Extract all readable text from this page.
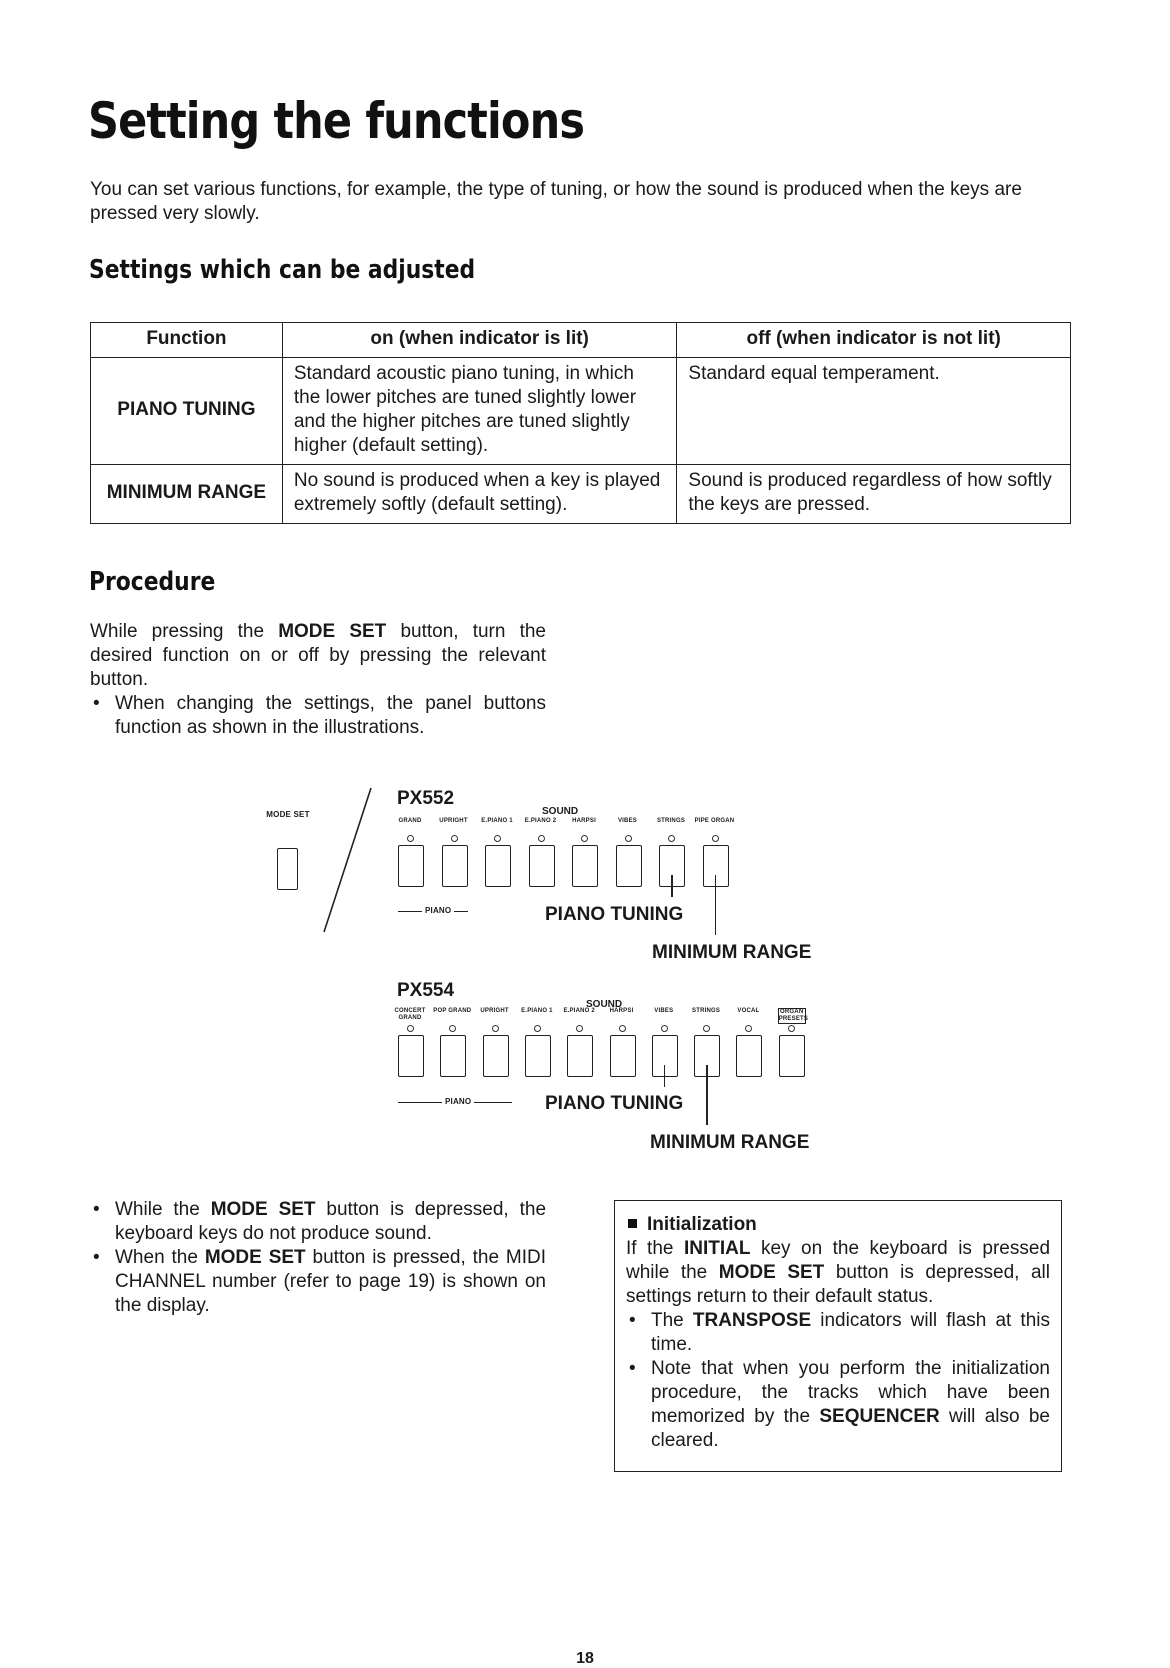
Setting the functions
You can set various functions, for example, the type of tuning, or how the sound is produced when the keys are pressed very slowly.
Settings which can be adjusted
Function	on (when indicator is lit)	off (when indicator is not lit)
PIANO TUNING	Standard acoustic piano tuning, in which the lower pitches are tuned slightly lower and the higher pitches are tuned slightly higher (default setting).	Standard equal temperament.
MINIMUM RANGE	No sound is produced when a key is played extremely softly (default setting).	Sound is produced regardless of how softly the keys are pressed.
Procedure
While pressing the MODE SET button, turn the desired function on or off by pressing the relevant button.
• When changing the settings, the panel buttons function as shown in the illustrations.
MODE SET
PX552
SOUND
PIANO	PIANO TUNING
MINIMUM RANGE
PX554
SOUND
PIANO	PIANO TUNING
MINIMUM RANGE
GRAND	UPRIGHT	E.PIANO 1	E.PIANO 2	HARPSI	VIBES	STRINGS	PIPE ORGAN
CONCERT GRAND
POP GRAND	UPRIGHT	E.PIANO 1	E.PIANO 2	HARPSI	VIBES	STRINGS	VOCAL	ORGAN PRESETS
• While the MODE SET button is depressed, the keyboard keys do not produce sound.
• When the MODE SET button is pressed, the MIDI CHANNEL number (refer to page 19) is shown on the display.
Initialization
If the INITIAL key on the keyboard is pressed while the MODE SET button is depressed, all settings return to their default status.
• The TRANSPOSE indicators will flash at this time.
• Note that when you perform the initialization procedure, the tracks which have been memorized by the SEQUENCER will also be cleared.
18
